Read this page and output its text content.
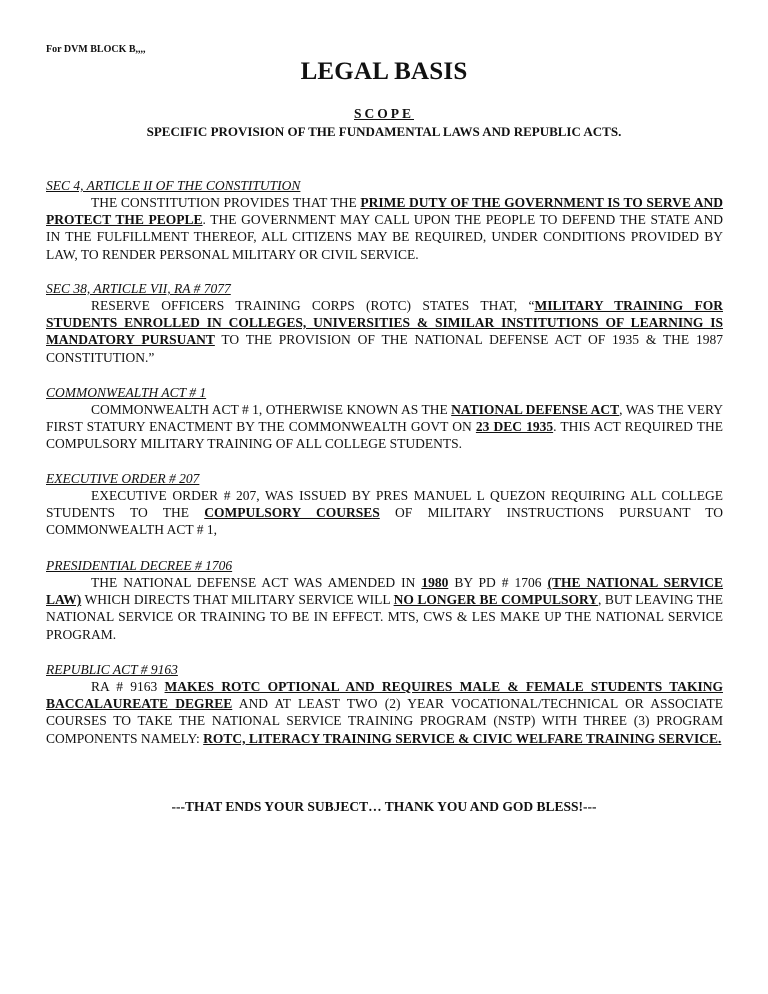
For DVM BLOCK B,,,,
LEGAL BASIS
SCOPE
SPECIFIC PROVISION OF THE FUNDAMENTAL LAWS AND REPUBLIC ACTS.
SEC 4, ARTICLE II OF THE CONSTITUTION

THE CONSTITUTION PROVIDES THAT THE PRIME DUTY OF THE GOVERNMENT IS TO SERVE AND PROTECT THE PEOPLE. THE GOVERNMENT MAY CALL UPON THE PEOPLE TO DEFEND THE STATE AND IN THE FULFILLMENT THEREOF, ALL CITIZENS MAY BE REQUIRED, UNDER CONDITIONS PROVIDED BY LAW, TO RENDER PERSONAL MILITARY OR CIVIL SERVICE.

SEC 38, ARTICLE VII, RA # 7077

RESERVE OFFICERS TRAINING CORPS (ROTC) STATES THAT, “MILITARY TRAINING FOR STUDENTS ENROLLED IN COLLEGES, UNIVERSITIES & SIMILAR INSTITUTIONS OF LEARNING IS MANDATORY PURSUANT TO THE PROVISION OF THE NATIONAL DEFENSE ACT OF 1935 & THE 1987 CONSTITUTION.”

COMMONWEALTH ACT # 1

COMMONWEALTH ACT # 1, OTHERWISE KNOWN AS THE NATIONAL DEFENSE ACT, WAS THE VERY FIRST STATURY ENACTMENT BY THE COMMONWEALTH GOVT ON 23 DEC 1935. THIS ACT REQUIRED THE COMPULSORY MILITARY TRAINING OF ALL COLLEGE STUDENTS.

EXECUTIVE ORDER # 207

EXECUTIVE ORDER # 207, WAS ISSUED BY PRES MANUEL L QUEZON REQUIRING ALL COLLEGE STUDENTS TO THE COMPULSORY COURSES OF MILITARY INSTRUCTIONS PURSUANT TO COMMONWEALTH ACT # 1,

PRESIDENTIAL DECREE # 1706

THE NATIONAL DEFENSE ACT WAS AMENDED IN 1980 BY PD # 1706 (THE NATIONAL SERVICE LAW) WHICH DIRECTS THAT MILITARY SERVICE WILL NO LONGER BE COMPULSORY, BUT LEAVING THE NATIONAL SERVICE OR TRAINING TO BE IN EFFECT. MTS, CWS & LES MAKE UP THE NATIONAL SERVICE PROGRAM.

REPUBLIC ACT # 9163

RA # 9163 MAKES ROTC OPTIONAL AND REQUIRES MALE & FEMALE STUDENTS TAKING BACCALAUREATE DEGREE AND AT LEAST TWO (2) YEAR VOCATIONAL/TECHNICAL OR ASSOCIATE COURSES TO TAKE THE NATIONAL SERVICE TRAINING PROGRAM (NSTP) WITH THREE (3) PROGRAM COMPONENTS NAMELY: ROTC, LITERACY TRAINING SERVICE & CIVIC WELFARE TRAINING SERVICE.

---THAT ENDS YOUR SUBJECT… THANK YOU AND GOD BLESS!---
